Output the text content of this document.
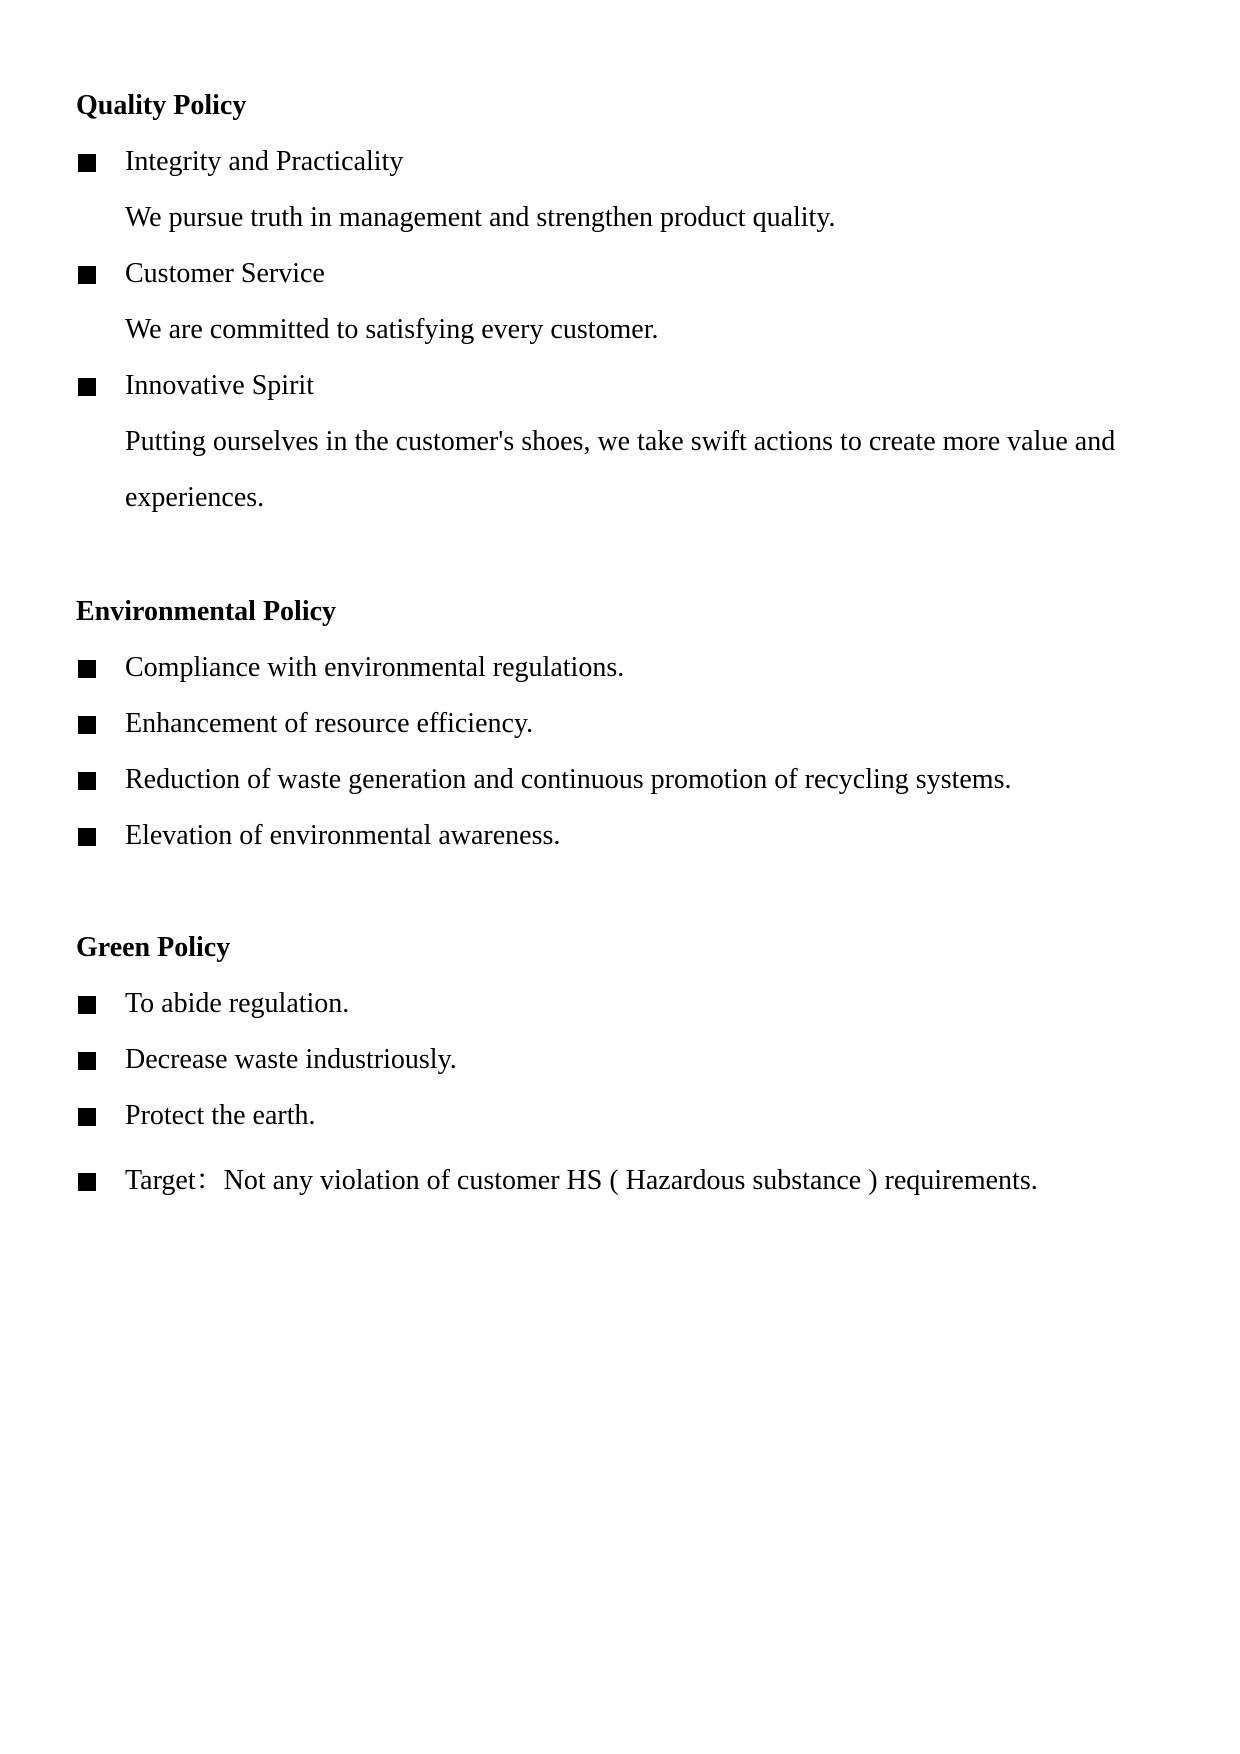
Quality Policy
Integrity and Practicality
We pursue truth in management and strengthen product quality.
Customer Service
We are committed to satisfying every customer.
Innovative Spirit
Putting ourselves in the customer's shoes, we take swift actions to create more value and experiences.
Environmental Policy
Compliance with environmental regulations.
Enhancement of resource efficiency.
Reduction of waste generation and continuous promotion of recycling systems.
Elevation of environmental awareness.
Green Policy
To abide regulation.
Decrease waste industriously.
Protect the earth.
Target：Not any violation of customer HS ( Hazardous substance ) requirements.
